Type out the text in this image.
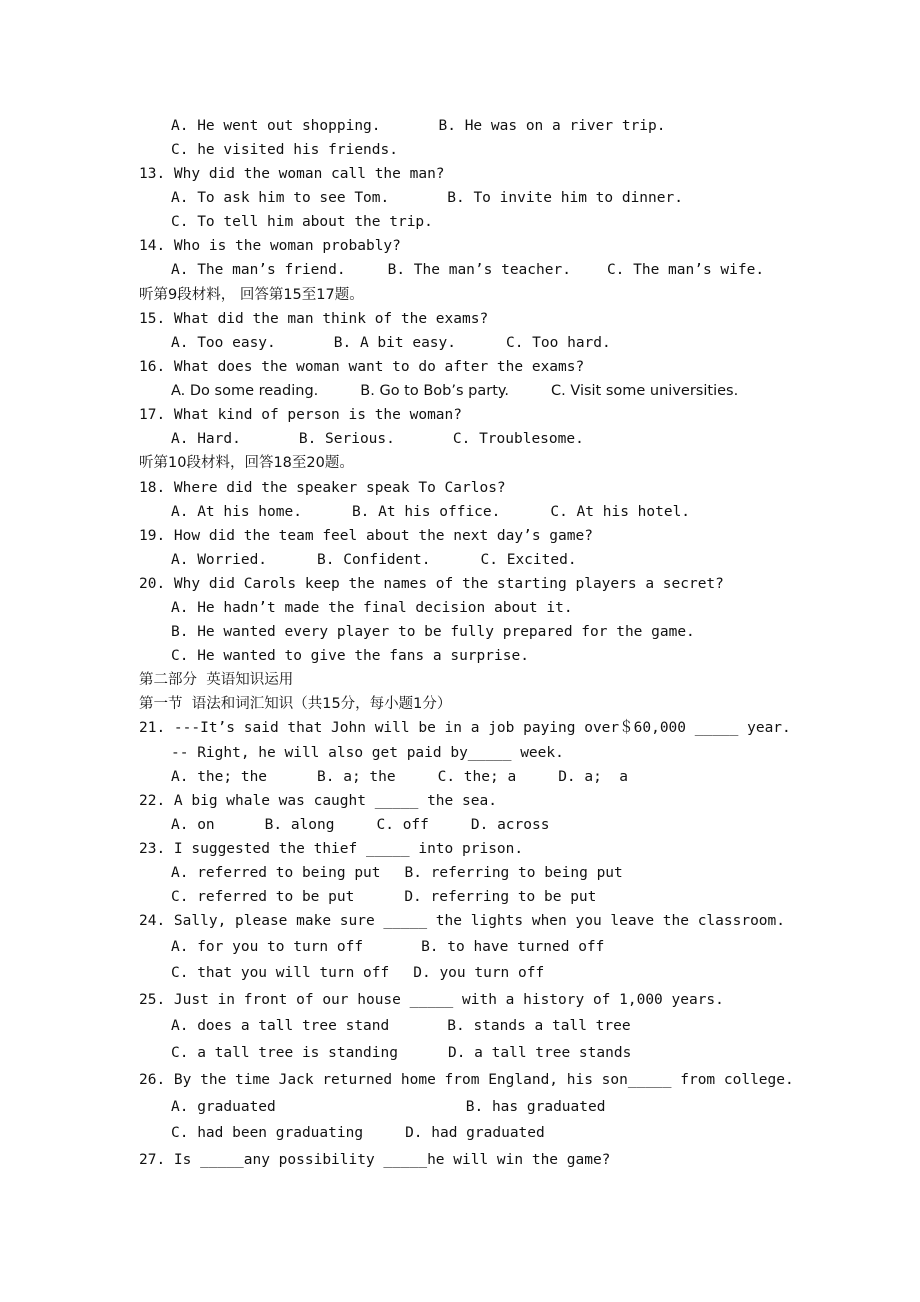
A. He went out shopping.	B. He was on a river trip.
C. he visited his friends.
13. Why did the woman call the man?
A. To ask him to see Tom.	B. To invite him to dinner.
C. To tell him about the trip.
14. Who is the woman probably?
A. The man’s friend.	B. The man’s teacher. C. The man’s wife.
听第9段材料， 回答第15至17题。
15. What did the man think of the exams?
A. Too easy.	B. A bit easy.	C. Too hard.
16. What does the woman want to do after the exams?
A. Do some reading.	B. Go to Bob’s party.	C. Visit some universities.
17. What kind of person is the woman?
A. Hard.	B. Serious.	C. Troublesome.
听第10段材料，回答18至20题。
18. Where did the speaker speak To Carlos?
A. At his home.	B. At his office.	C. At his hotel.
19. How did the team feel about the next day’s game?
A. Worried.	B. Confident.	C. Excited.
20. Why did Carols keep the names of the starting players a secret?
A. He hadn’t made the final decision about it.
B. He wanted every player to be fully prepared for the game.
C. He wanted to give the fans a surprise.
第二部分  英语知识运用
第一节  语法和词汇知识（共15分，每小题1分）
21. ---It’s said that John will be in a job paying over＄60,000 _____ year.
-- Right, he will also get paid by_____ week.
A. the; the	B. a; the	C. the; a	D. a;  a
22. A big whale was caught _____ the sea.
A. on	B. along	C. off	D. across
23. I suggested the thief _____ into prison.
A. referred to being put B. referring to being put
C. referred to be put	D. referring to be put
24. Sally, please make sure _____ the lights when you leave the classroom.
A. for you to turn off	B. to have turned off
C. that you will turn off D. you turn off
25. Just in front of our house _____ with a history of 1,000 years.
A. does a tall tree stand	B. stands a tall tree
C. a tall tree is standing	D. a tall tree stands
26. By the time Jack returned home from England, his son_____ from college.
A. graduated	B. has graduated
C. had been graduating	D. had graduated
27. Is _____any possibility _____he will win the game?
